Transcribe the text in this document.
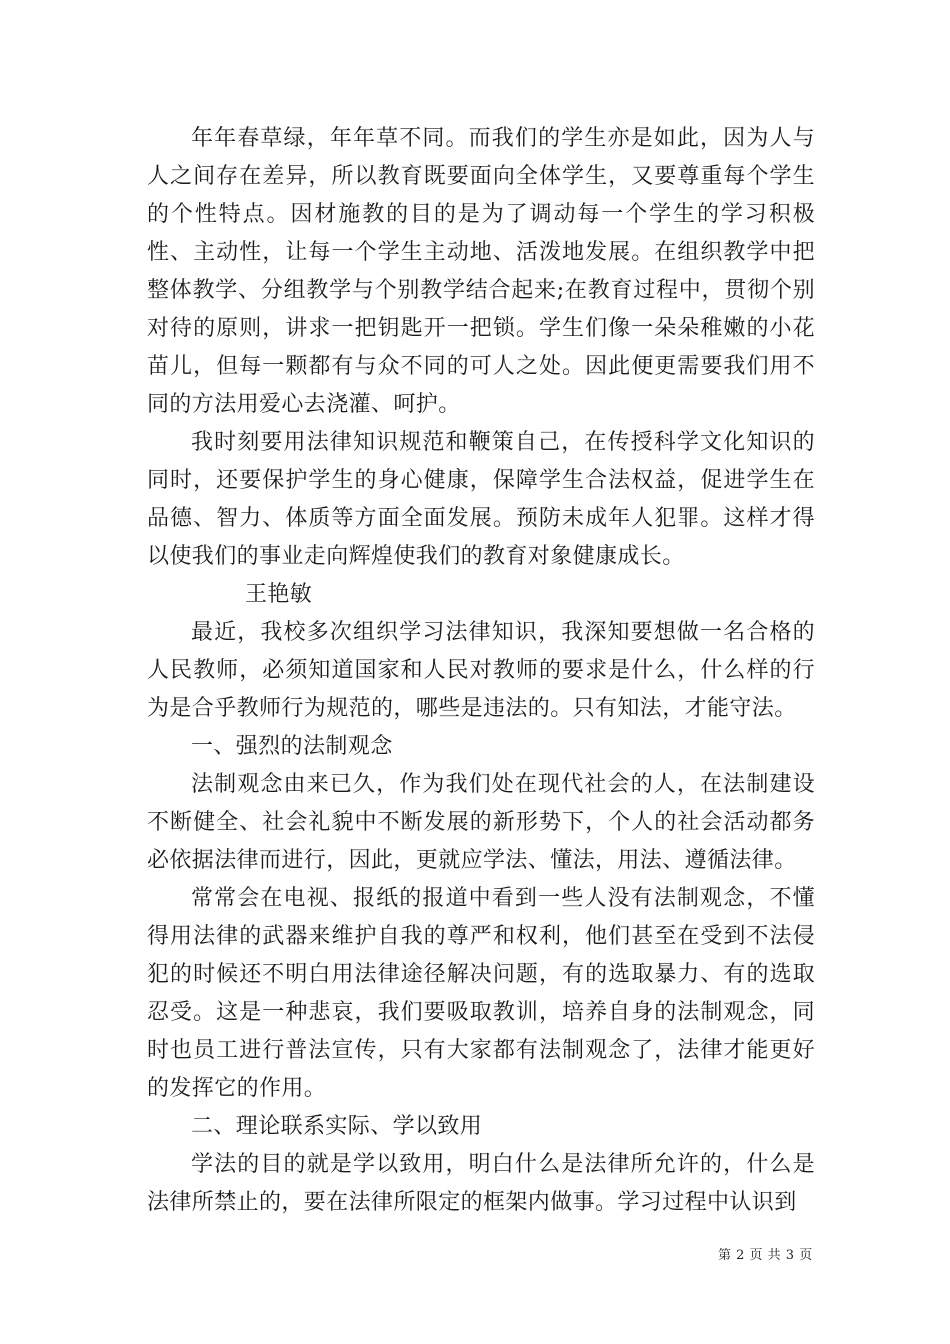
年年春草绿，年年草不同。而我们的学生亦是如此，因为人与人之间存在差异，所以教育既要面向全体学生，又要尊重每个学生的个性特点。因材施教的目的是为了调动每一个学生的学习积极性、主动性，让每一个学生主动地、活泼地发展。在组织教学中把整体教学、分组教学与个别教学结合起来;在教育过程中，贯彻个别对待的原则，讲求一把钥匙开一把锁。学生们像一朵朵稚嫩的小花苗儿，但每一颗都有与众不同的可人之处。因此便更需要我们用不同的方法用爱心去浇灌、呵护。

我时刻要用法律知识规范和鞭策自己，在传授科学文化知识的同时，还要保护学生的身心健康，保障学生合法权益，促进学生在品德、智力、体质等方面全面发展。预防未成年人犯罪。这样才得以使我们的事业走向辉煌使我们的教育对象健康成长。

王艳敏

最近，我校多次组织学习法律知识，我深知要想做一名合格的人民教师，必须知道国家和人民对教师的要求是什么，什么样的行为是合乎教师行为规范的，哪些是违法的。只有知法，才能守法。

一、强烈的法制观念

法制观念由来已久，作为我们处在现代社会的人，在法制建设不断健全、社会礼貌中不断发展的新形势下，个人的社会活动都务必依据法律而进行，因此，更就应学法、懂法，用法、遵循法律。

常常会在电视、报纸的报道中看到一些人没有法制观念，不懂得用法律的武器来维护自我的尊严和权利，他们甚至在受到不法侵犯的时候还不明白用法律途径解决问题，有的选取暴力、有的选取忍受。这是一种悲哀，我们要吸取教训，培养自身的法制观念，同时也员工进行普法宣传，只有大家都有法制观念了，法律才能更好的发挥它的作用。

二、理论联系实际、学以致用

学法的目的就是学以致用，明白什么是法律所允许的，什么是法律所禁止的，要在法律所限定的框架内做事。学习过程中认识到

第 2 页 共 3 页
